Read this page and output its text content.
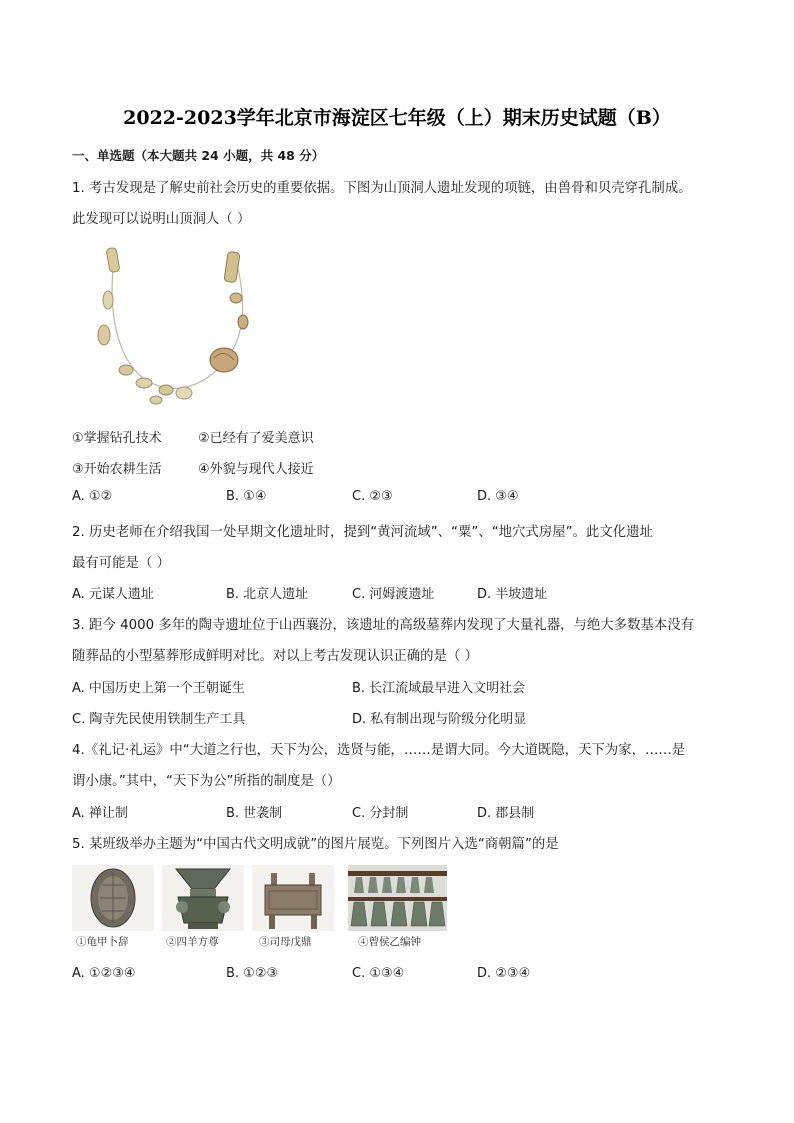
2022-2023学年北京市海淀区七年级（上）期末历史试题（B）
一、单选题（本大题共 24 小题，共 48 分）
1. 考古发现是了解史前社会历史的重要依据。下图为山顶洞人遗址发现的项链，由兽骨和贝壳穿孔制成。
此发现可以说明山顶洞人（ ）
①掌握钻孔技术	②已经有了爱美意识
③开始农耕生活	④外貌与现代人接近
A. ①②	B. ①④	C. ②③	D. ③④
2. 历史老师在介绍我国一处早期文化遗址时，提到“黄河流域”、“粟”、“地穴式房屋”。此文化遗址
最有可能是（ ）
A. 元谋人遗址	B. 北京人遗址	C. 河姆渡遗址	D. 半坡遗址
3. 距今 4000 多年的陶寺遗址位于山西襄汾，该遗址的高级墓葬内发现了大量礼器，与绝大多数基本没有
随葬品的小型墓葬形成鲜明对比。对以上考古发现认识正确的是（ ）
A. 中国历史上第一个王朝诞生	B. 长江流域最早进入文明社会
C. 陶寺先民使用铁制生产工具	D. 私有制出现与阶级分化明显
4.《礼记·礼运》中“大道之行也，天下为公，选贤与能，……是谓大同。今大道既隐，天下为家，……是
谓小康。”其中，“天下为公”所指的制度是（）
A. 禅让制	B. 世袭制	C. 分封制	D. 郡县制
5. 某班级举办主题为“中国古代文明成就”的图片展览。下列图片入选“商朝篇”的是
①龟甲卜辞	②四羊方尊	③司母戊鼎	④曾侯乙编钟
A. ①②③④	B. ①②③	C. ①③④	D. ②③④
